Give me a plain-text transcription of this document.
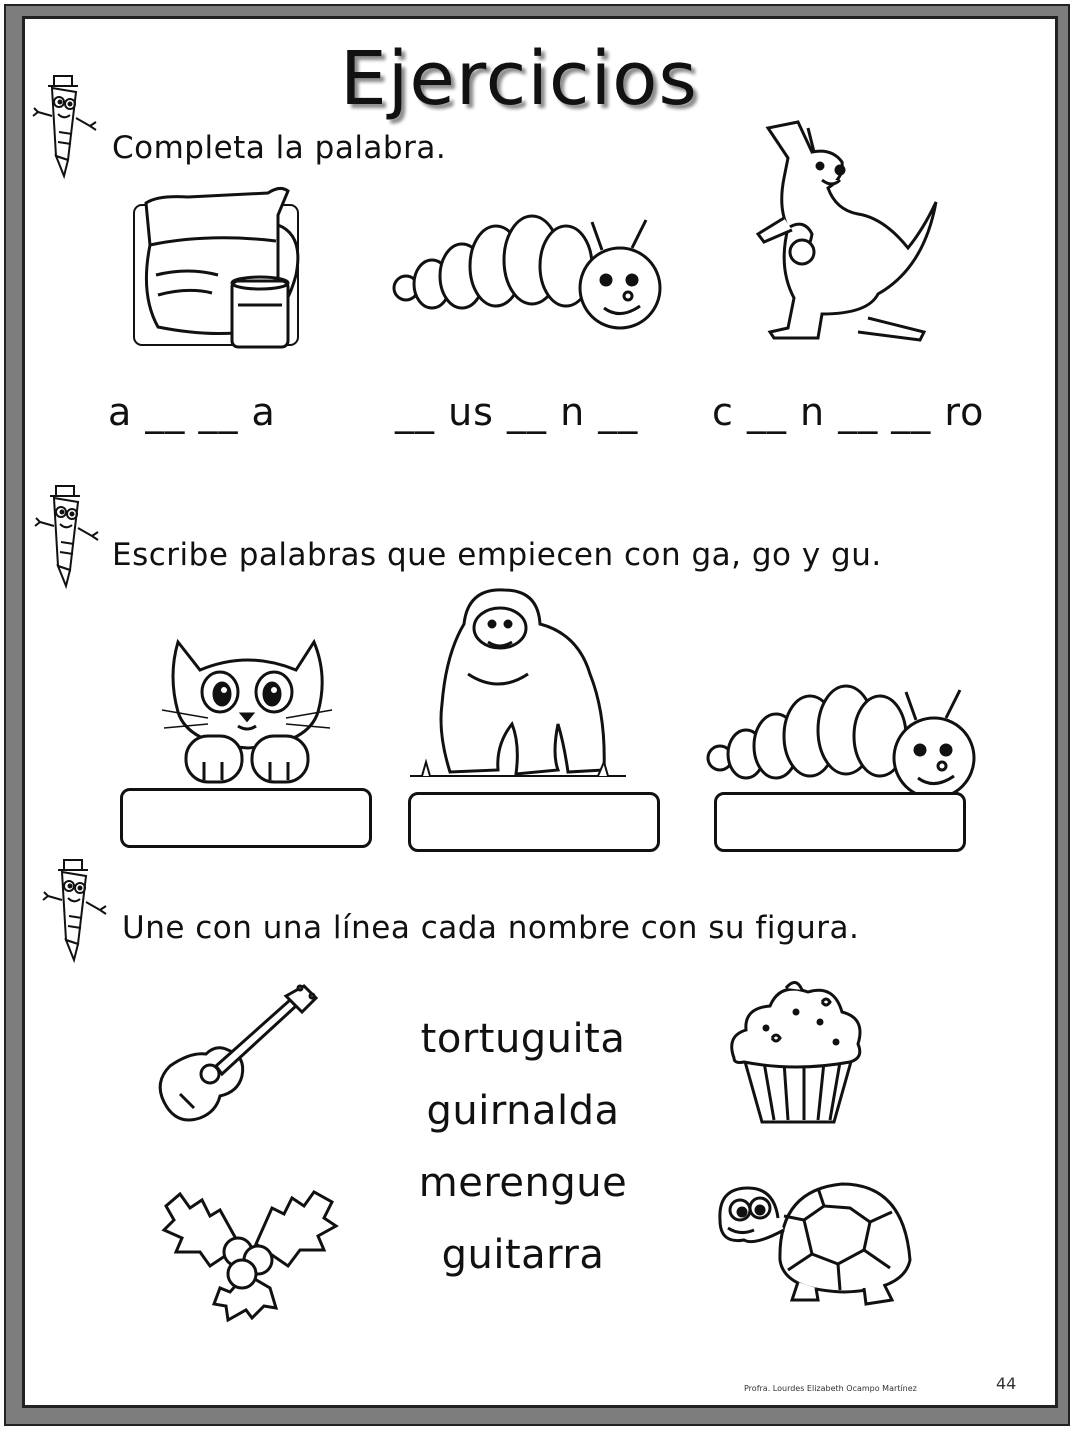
Ejercicios
Completa la palabra.
a __ __ a	__ us __ n __ c __ n __ __ ro
Escribe palabras que empiecen con ga, go y gu.
Une con una línea cada nombre con su figura.
tortuguita
guirnalda
merengue
guitarra
Profra. Lourdes Elizabeth Ocampo Martínez	44
